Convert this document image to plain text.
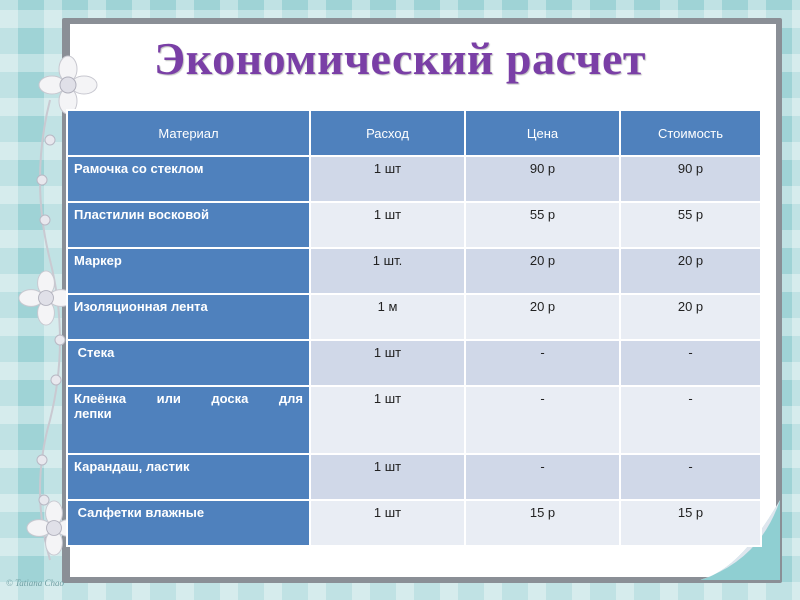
Экономический расчет
Материал	Расход	Цена	Стоимость
Рамочка со стеклом	1 шт	90 р	90 р
Пластилин восковой	1 шт	55 р	55 р
Маркер	1 шт.	20 р	20 р
Изоляционная лента	1 м	20 р	20 р
Стека	1 шт	-	-
Клеёнка или доска для лепки	1 шт	-	-
Карандаш, ластик	1 шт	-	-
Салфетки влажные	1 шт	15 р	15 р
© Tatiana Chao
